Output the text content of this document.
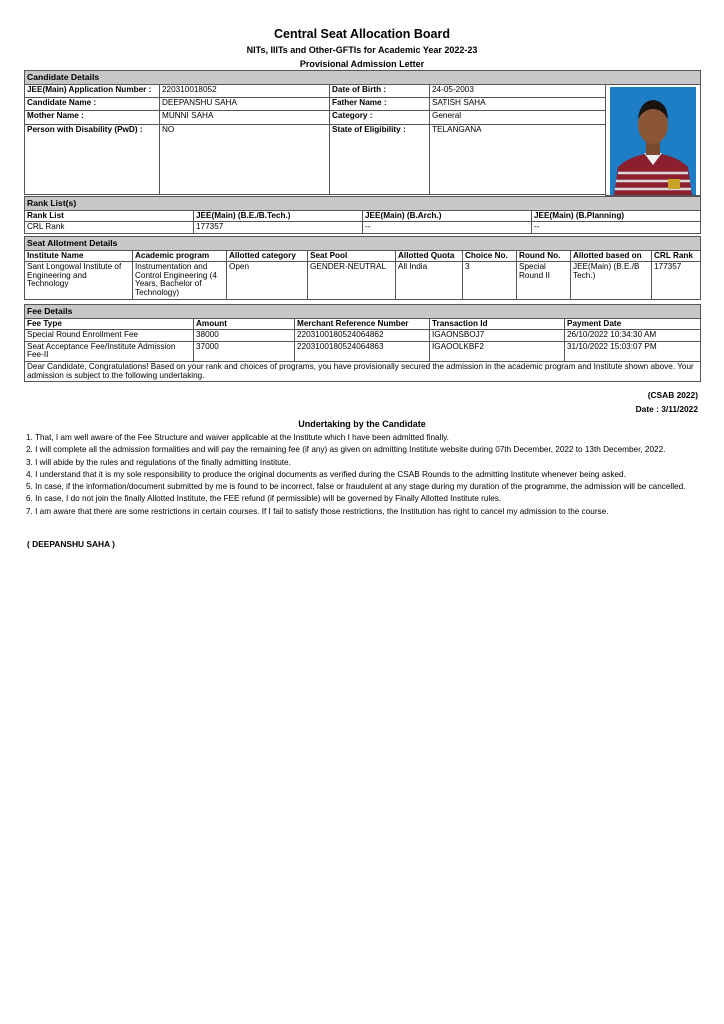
Central Seat Allocation Board
NITs, IIITs and Other-GFTIs for Academic Year 2022-23
Provisional Admission Letter
Candidate Details				
JEE(Main) Application Number :	220310018052	Date of Birth :	24-05-2003	

Candidate Name :	DEEPANSHU SAHA	Father Name :	SATISH SAHA	
Mother Name :	MUNNI SAHA	Category :	General	
Person with Disability (PwD) :	NO	State of Eligibility :	TELANGANA	

Rank List(s)			
Rank List	JEE(Main) (B.E./B.Tech.)	JEE(Main) (B.Arch.)	JEE(Main) (B.Planning)
CRL Rank	177357	--	--
Seat Allotment Details								
Institute Name	Academic program	Allotted category	Seat Pool	Allotted Quota	Choice No.	Round No.	Allotted based on	CRL Rank
Sant Longowal Institute of Engineering and Technology	Instrumentation and Control Engineering (4 Years, Bachelor of Technology)	Open	GENDER-NEUTRAL	All India	3	Special Round II	JEE(Main) (B.E./B Tech.)	177357
Fee Details				
Fee Type	Amount	Merchant Reference Number	Transaction Id	Payment Date
Special Round Enrollment Fee	38000	2203100180524064862	IGAONSBOJ7	26/10/2022 10:34:30 AM
Seat Acceptance Fee/Institute Admission Fee-II	37000	2203100180524064863	IGAOOLKBF2	31/10/2022 15:03:07 PM
Dear Candidate, Congratulations! Based on your rank and choices of programs, you have provisionally secured the admission in the academic program and Institute shown above. Your admission is subject to the following undertaking.				
(CSAB 2022)
Date : 3/11/2022
Undertaking by the Candidate
1. That, I am well aware of the Fee Structure and waiver applicable at the Institute which I have been admitted finally.
2. I will complete all the admission formalities and will pay the remaining fee (if any) as given on admitting Institute website during 07th December, 2022 to 13th December, 2022.
3. I will abide by the rules and regulations of the finally admitting Institute.
4. I understand that it is my sole responsibility to produce the original documents as verified during the CSAB Rounds to the admitting Institute whenever being asked.
5. In case, if the information/document submitted by me is found to be incorrect, false or fraudulent at any stage during my duration of the programme, the admission will be cancelled.
6. In case, I do not join the finally Allotted Institute, the FEE refund (if permissible) will be governed by Finally Allotted Institute rules.
7. I am aware that there are some restrictions in certain courses. If I fail to satisfy those restrictions, the Institution has right to cancel my admission to the course.
( DEEPANSHU SAHA )
